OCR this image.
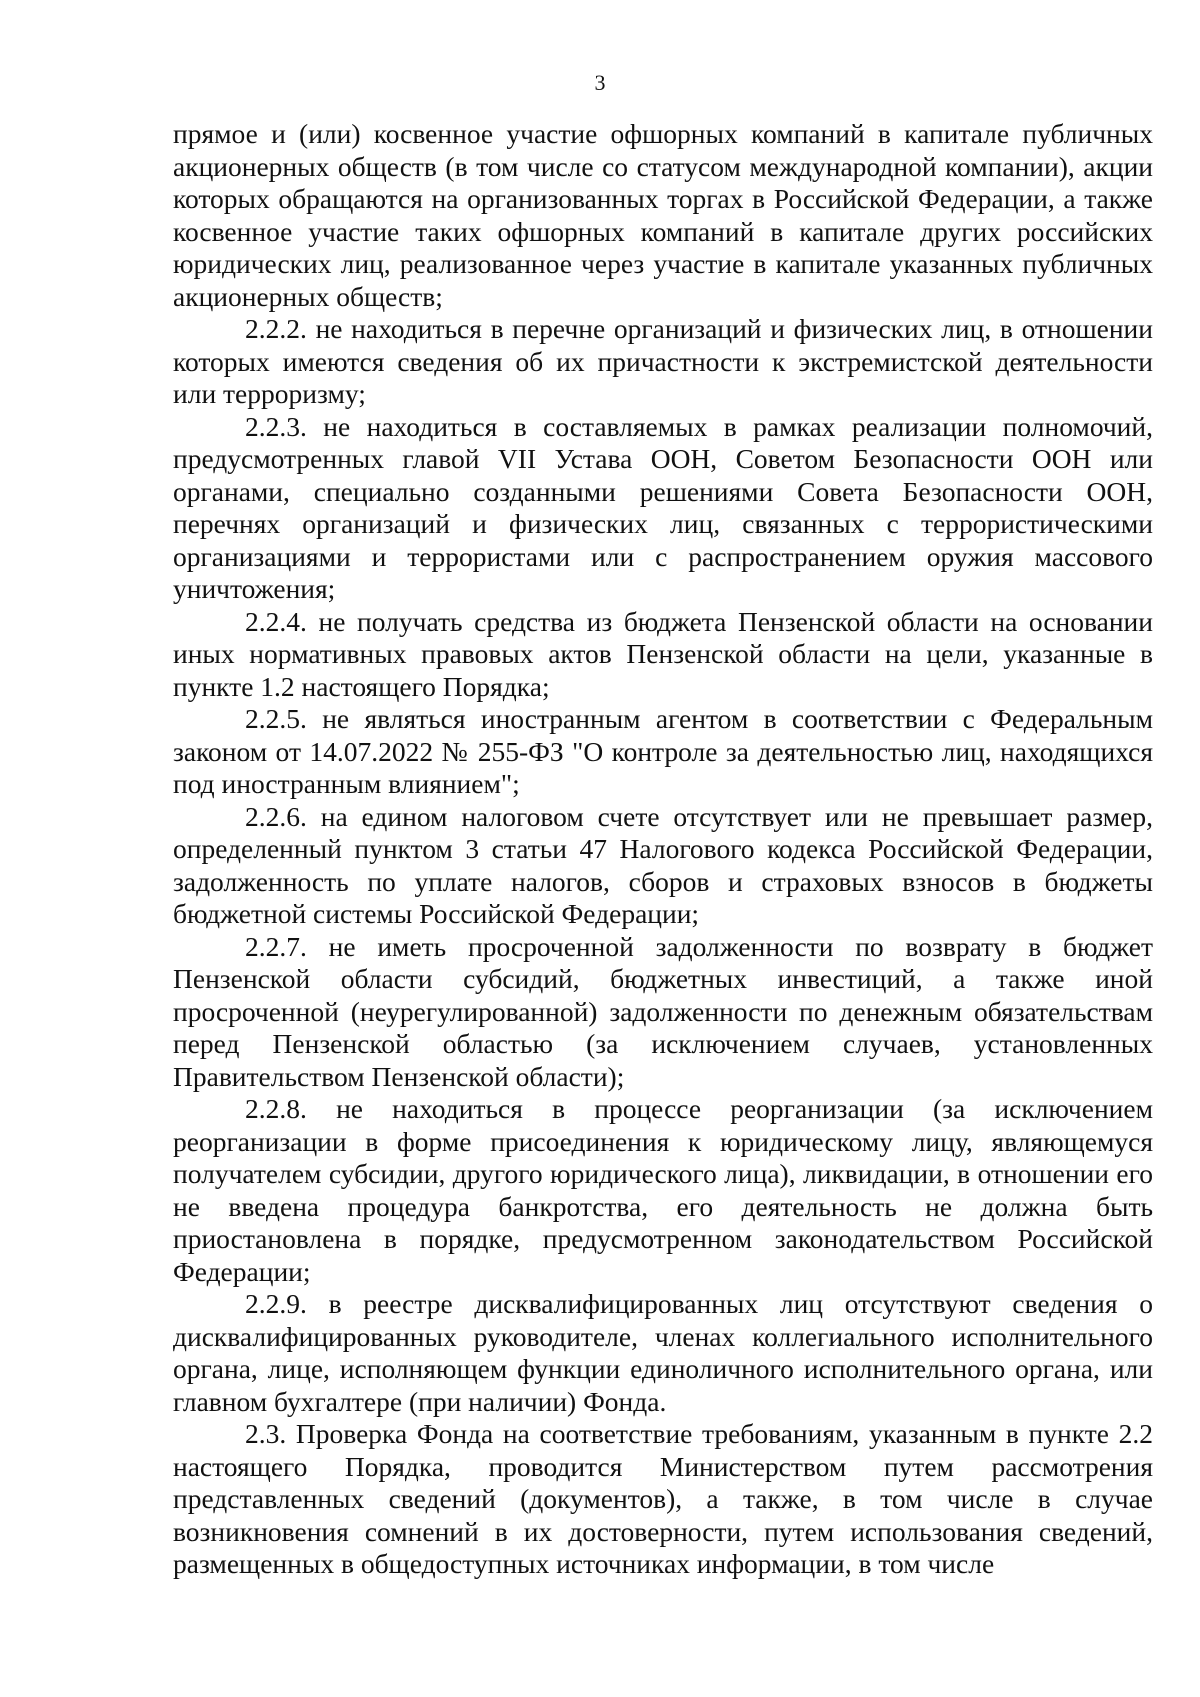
3

прямое и (или) косвенное участие офшорных компаний в капитале публичных акционерных обществ (в том числе со статусом международной компании), акции которых обращаются на организованных торгах в Российской Федерации, а также косвенное участие таких офшорных компаний в капитале других российских юридических лиц, реализованное через участие в капитале указанных публичных акционерных обществ;

2.2.2. не находиться в перечне организаций и физических лиц, в отношении которых имеются сведения об их причастности к экстремистской деятельности или терроризму;

2.2.3. не находиться в составляемых в рамках реализации полномочий, предусмотренных главой VII Устава ООН, Советом Безопасности ООН или органами, специально созданными решениями Совета Безопасности ООН, перечнях организаций и физических лиц, связанных с террористическими организациями и террористами или с распространением оружия массового уничтожения;

2.2.4. не получать средства из бюджета Пензенской области на основании иных нормативных правовых актов Пензенской области на цели, указанные в пункте 1.2 настоящего Порядка;

2.2.5. не являться иностранным агентом в соответствии с Федеральным законом от 14.07.2022 № 255-ФЗ "О контроле за деятельностью лиц, находящихся под иностранным влиянием";

2.2.6. на едином налоговом счете отсутствует или не превышает размер, определенный пунктом 3 статьи 47 Налогового кодекса Российской Федерации, задолженность по уплате налогов, сборов и страховых взносов в бюджеты бюджетной системы Российской Федерации;

2.2.7. не иметь просроченной задолженности по возврату в бюджет Пензенской области субсидий, бюджетных инвестиций, а также иной просроченной (неурегулированной) задолженности по денежным обязательствам перед Пензенской областью (за исключением случаев, установленных Правительством Пензенской области);

2.2.8. не находиться в процессе реорганизации (за исключением реорганизации в форме присоединения к юридическому лицу, являющемуся получателем субсидии, другого юридического лица), ликвидации, в отношении его не введена процедура банкротства, его деятельность не должна быть приостановлена в порядке, предусмотренном законодательством Российской Федерации;

2.2.9. в реестре дисквалифицированных лиц отсутствуют сведения о дисквалифицированных руководителе, членах коллегиального исполнительного органа, лице, исполняющем функции единоличного исполнительного органа, или главном бухгалтере (при наличии) Фонда.

2.3. Проверка Фонда на соответствие требованиям, указанным в пункте 2.2 настоящего Порядка, проводится Министерством путем рассмотрения представленных сведений (документов), а также, в том числе в случае возникновения сомнений в их достоверности, путем использования сведений, размещенных в общедоступных источниках информации, в том числе
